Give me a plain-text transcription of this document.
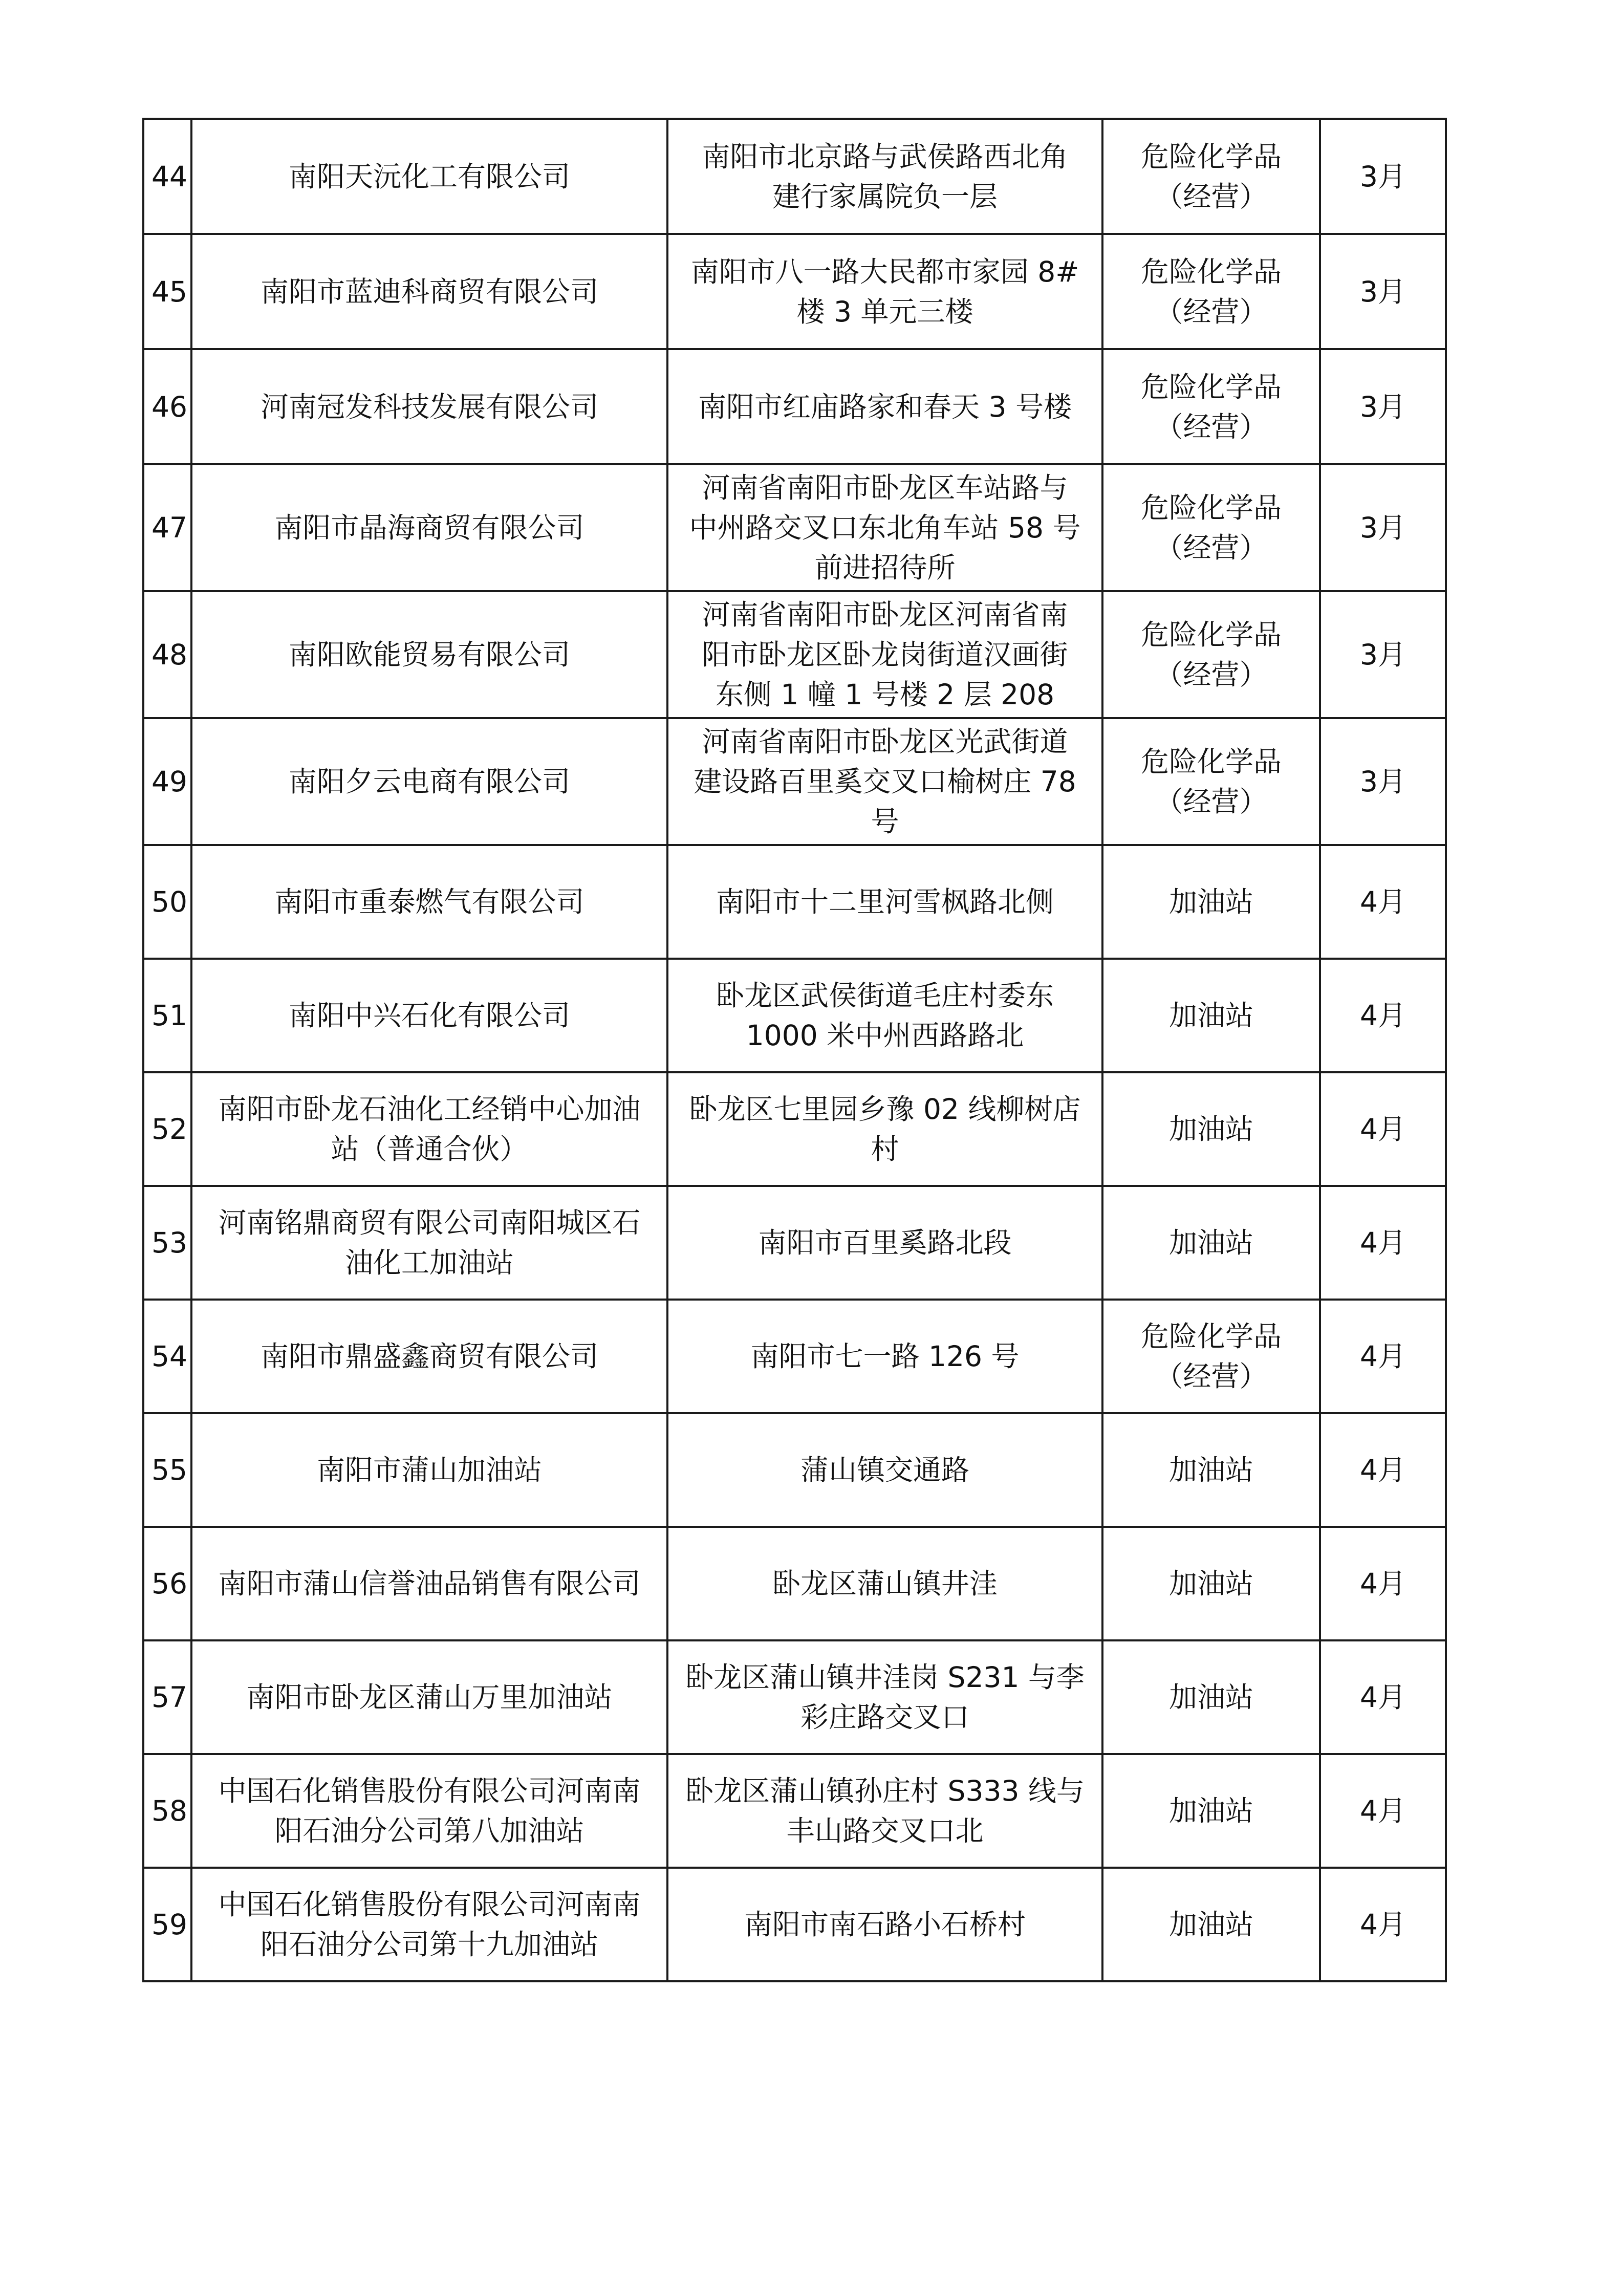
44	南阳天沅化工有限公司	南阳市北京路与武侯路西北角
建行家属院负一层	危险化学品
（经营）	3月

45	南阳市蓝迪科商贸有限公司	南阳市八一路大民都市家园 8#
楼 3 单元三楼	危险化学品
（经营）	3月

46	河南冠发科技发展有限公司	南阳市红庙路家和春天 3 号楼	危险化学品
（经营）	3月

47	南阳市晶海商贸有限公司	河南省南阳市卧龙区车站路与
中州路交叉口东北角车站 58 号
前进招待所	危险化学品
（经营）	3月

48	南阳欧能贸易有限公司	河南省南阳市卧龙区河南省南
阳市卧龙区卧龙岗街道汉画街
东侧 1 幢 1 号楼 2 层 208	危险化学品
（经营）	3月

49	南阳夕云电商有限公司	河南省南阳市卧龙区光武街道
建设路百里奚交叉口榆树庄 78
号	危险化学品
（经营）	3月

50	南阳市重泰燃气有限公司	南阳市十二里河雪枫路北侧	加油站	4月

51	南阳中兴石化有限公司	卧龙区武侯街道毛庄村委东
1000 米中州西路路北	加油站	4月

52	南阳市卧龙石油化工经销中心加油
站（普通合伙）	卧龙区七里园乡豫 02 线柳树店
村	加油站	4月

53	河南铭鼎商贸有限公司南阳城区石
油化工加油站	南阳市百里奚路北段	加油站	4月

54	南阳市鼎盛鑫商贸有限公司	南阳市七一路 126 号	危险化学品
（经营）	4月

55	南阳市蒲山加油站	蒲山镇交通路	加油站	4月

56	南阳市蒲山信誉油品销售有限公司	卧龙区蒲山镇井洼	加油站	4月

57	南阳市卧龙区蒲山万里加油站	卧龙区蒲山镇井洼岗 S231 与李
彩庄路交叉口	加油站	4月

58	中国石化销售股份有限公司河南南
阳石油分公司第八加油站	卧龙区蒲山镇孙庄村 S333 线与
丰山路交叉口北	加油站	4月

59	中国石化销售股份有限公司河南南
阳石油分公司第十九加油站	南阳市南石路小石桥村	加油站	4月
